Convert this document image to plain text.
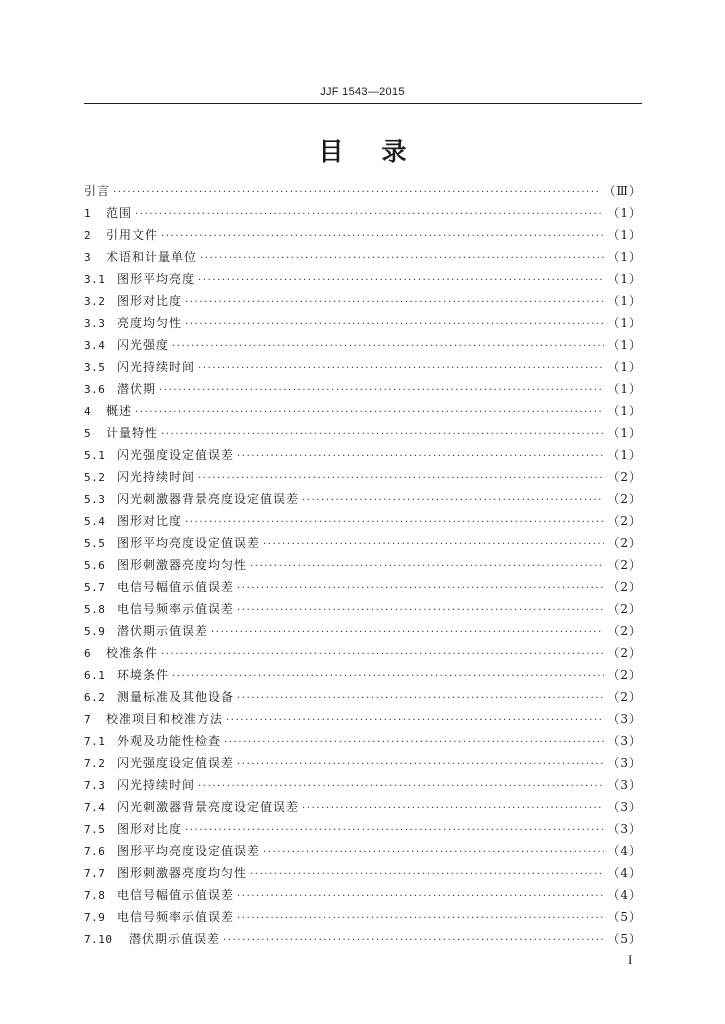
JJF 1543—2015
目录
引言 ·····	（Ⅲ）
1	范围 ·····	（1）
2	引用文件 ·····	（1）
3	术语和计量单位 ·····	（1）
3.1 图形平均亮度 ·····	（1）
3.2 图形对比度 ·····	（1）
3.3 亮度均匀性 ·····	（1）
3.4 闪光强度 ·····	（1）
3.5 闪光持续时间 ·····	（1）
3.6 潜伏期 ·····	（1）
4	概述 ·····	（1）
5	计量特性 ·····	（1）
5.1 闪光强度设定值误差 ·····	（1）
5.2 闪光持续时间 ·····	（2）
5.3 闪光刺激器背景亮度设定值误差 ·····	（2）
5.4 图形对比度 ·····	（2）
5.5 图形平均亮度设定值误差 ·····	（2）
5.6 图形刺激器亮度均匀性 ·····	（2）
5.7 电信号幅值示值误差 ·····	（2）
5.8 电信号频率示值误差 ·····	（2）
5.9 潜伏期示值误差 ·····	（2）
6	校准条件 ·····	（2）
6.1 环境条件 ·····	（2）
6.2 测量标准及其他设备 ·····	（2）
7	校准项目和校准方法 ·····	（3）
7.1 外观及功能性检查 ·····	（3）
7.2 闪光强度设定值误差 ·····	（3）
7.3 闪光持续时间 ·····	（3）
7.4 闪光刺激器背景亮度设定值误差 ·····	（3）
7.5 图形对比度 ·····	（3）
7.6 图形平均亮度设定值误差 ·····	（4）
7.7 图形刺激器亮度均匀性 ·····	（4）
7.8 电信号幅值示值误差 ·····	（4）
7.9 电信号频率示值误差 ·····	（5）
7.10	潜伏期示值误差 ·····	（5）
I
